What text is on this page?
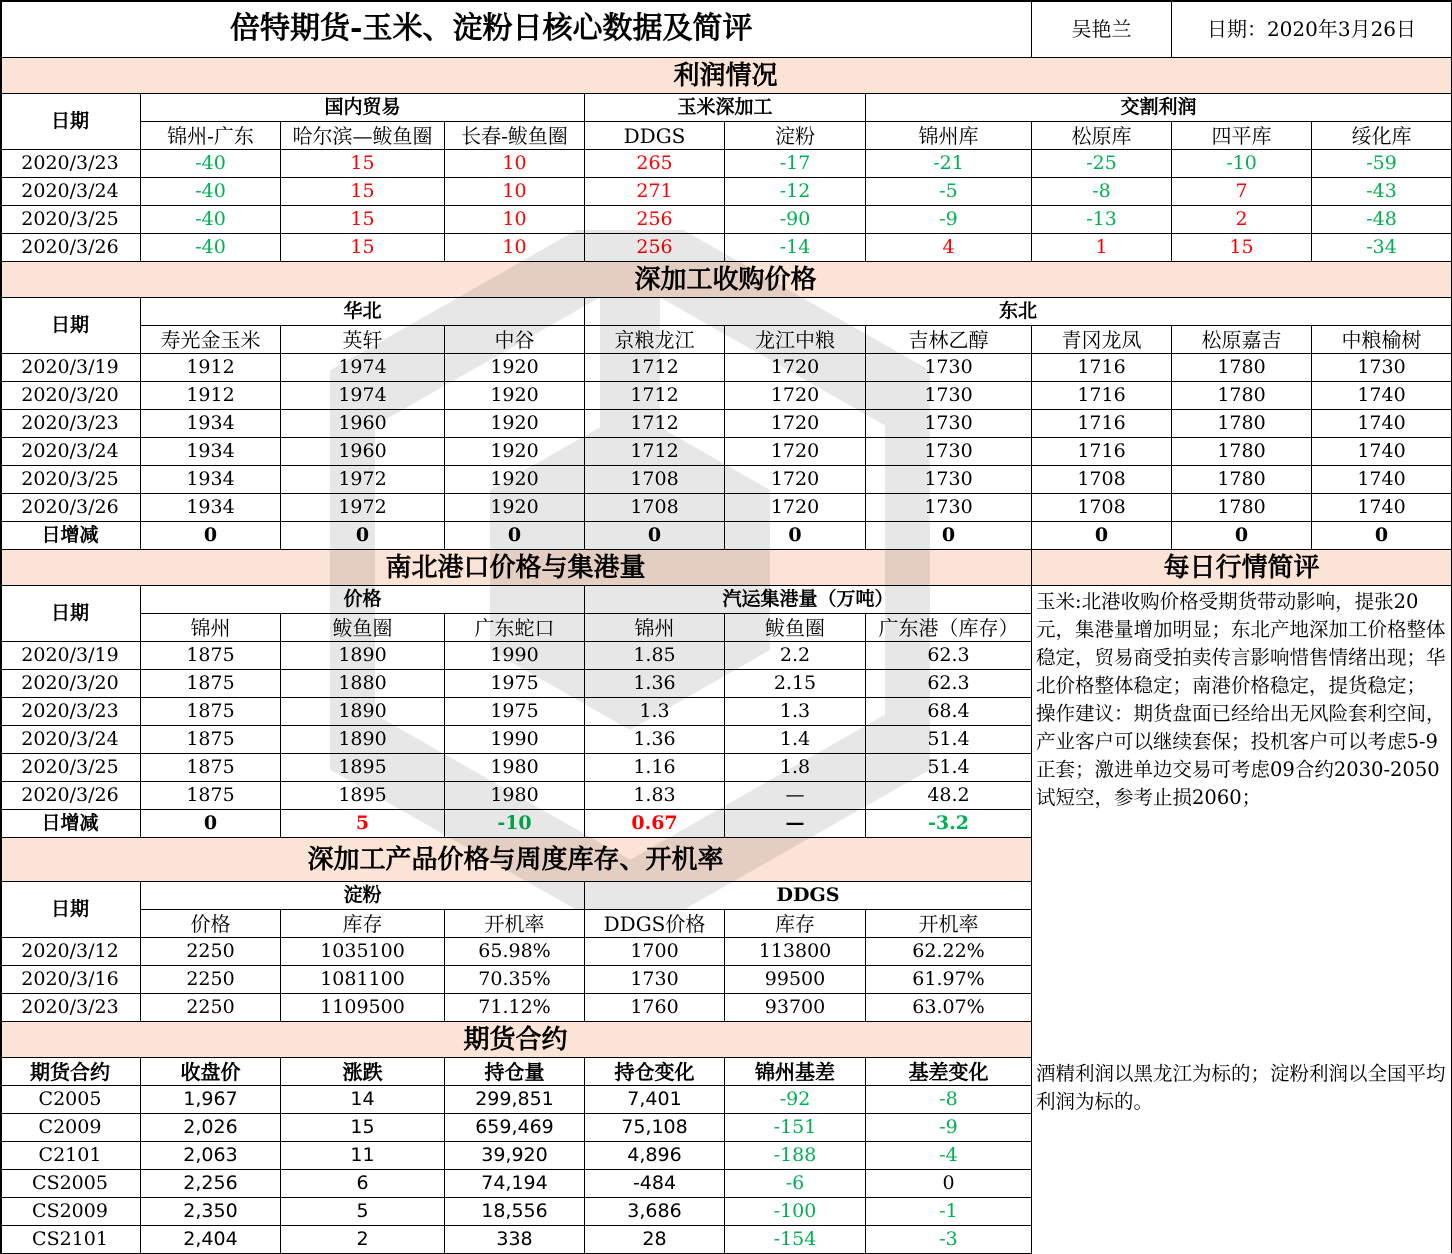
倍特期货-玉米、淀粉日核心数据及简评	吴艳兰	日期：2020年3月26日
利润情况
日期
国内贸易	玉米深加工	交割利润
锦州-广东	哈尔滨—鲅鱼圈	长春-鲅鱼圈	DDGS	淀粉	锦州库	松原库	四平库	绥化库
2020/3/23	-40	15	10	265	-17	-21	-25	-10	-59
2020/3/24	-40	15	10	271	-12	-5	-8	7	-43
2020/3/25	-40	15	10	256	-90	-9	-13	2	-48
2020/3/26	-40	15	10	256	-14	4	1	15	-34
深加工收购价格
日期
华北	东北
寿光金玉米	英轩	中谷	京粮龙江	龙江中粮	吉林乙醇	青冈龙凤	松原嘉吉	中粮榆树
2020/3/19	1912	1974	1920	1712	1720	1730	1716	1780	1730
2020/3/20	1912	1974	1920	1712	1720	1730	1716	1780	1740
2020/3/23	1934	1960	1920	1712	1720	1730	1716	1780	1740
2020/3/24	1934	1960	1920	1712	1720	1730	1716	1780	1740
2020/3/25	1934	1972	1920	1708	1720	1730	1708	1780	1740
2020/3/26	1934	1972	1920	1708	1720	1730	1708	1780	1740
日增减	0	0	0	0	0	0	0	0	0
南北港口价格与集港量	每日行情简评
日期
价格	汽运集港量（万吨）
锦州	鲅鱼圈	广东蛇口	锦州	鲅鱼圈	广东港（库存）
2020/3/19	1875	1890	1990	1.85	2.2	62.3
2020/3/20	1875	1880	1975	1.36	2.15	62.3
2020/3/23	1875	1890	1975	1.3	1.3	68.4
2020/3/24	1875	1890	1990	1.36	1.4	51.4
2020/3/25	1875	1895	1980	1.16	1.8	51.4
2020/3/26	1875	1895	1980	1.83	—	48.2
日增减	0	5	-10	0.67	—	-3.2
玉米:北港收购价格受期货带动影响，提张20元，集港量增加明显；东北产地深加工价格整体稳定，贸易商受拍卖传言影响惜售情绪出现；华北价格整体稳定；南港价格稳定，提货稳定；
操作建议：期货盘面已经给出无风险套利空间，产业客户可以继续套保；投机客户可以考虑5-9正套；激进单边交易可考虑09合约2030-2050试短空，参考止损2060；
深加工产品价格与周度库存、开机率
日期
淀粉	DDGS
价格	库存	开机率	DDGS价格	库存	开机率
2020/3/12	2250	1035100	65.98%	1700	113800	62.22%
2020/3/16	2250	1081100	70.35%	1730	99500	61.97%
2020/3/23	2250	1109500	71.12%	1760	93700	63.07%
期货合约
期货合约	收盘价	涨跌	持仓量	持仓变化	锦州基差	基差变化
C2005	1,967	14	299,851	7,401	-92	-8
C2009	2,026	15	659,469	75,108	-151	-9
C2101	2,063	11	39,920	4,896	-188	-4
CS2005	2,256	6	74,194	-484	-6	0
CS2009	2,350	5	18,556	3,686	-100	-1
CS2101	2,404	2	338	28	-154	-3
酒精利润以黑龙江为标的；淀粉利润以全国平均利润为标的。
